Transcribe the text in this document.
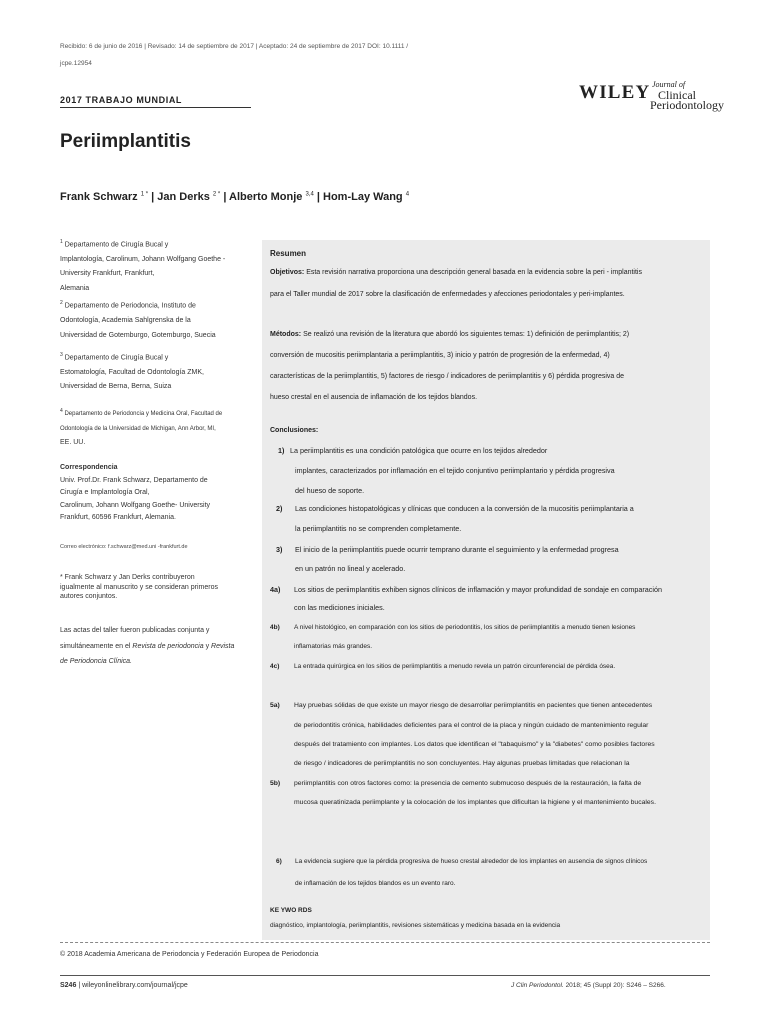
Recibido: 6 de junio de 2016 | Revisado: 14 de septiembre de 2017 | Aceptado: 24 de septiembre de 2017 DOI: 10.1111 /
jcpe.12954
2017 TRABAJO MUNDIAL	WILEY Journal of
Clinical
Periodontology
Periimplantitis
Frank Schwarz $^{1 *}$ | Jan Derks $^{2 *}$ | Alberto Monje $^{3,4}$ | Hom-Lay Wang $^4$

$^1$ Departamento de Cirugía Bucal y

Implantología, Carolinum, Johann Wolfgang Goethe -

University Frankfurt, Frankfurt,

Alemania

$^2$ Departamento de Periodoncia, Instituto de

Odontología, Academia Sahlgrenska de la

Universidad de Gotemburgo, Gotemburgo, Suecia

$^3$ Departamento de Cirugía Bucal y

Estomatología, Facultad de Odontología ZMK,

Universidad de Berna, Berna, Suiza

$^4$ Departamento de Periodoncia y Medicina Oral, Facultad de

Odontología de la Universidad de Michigan, Ann Arbor, MI,

EE. UU.

Correspondencia

Univ. Prof.Dr. Frank Schwarz, Departamento de

Cirugía e Implantología Oral,

Carolinum, Johann Wolfgang Goethe- University

Frankfurt, 60596 Frankfurt, Alemania.

Correo electrónico: f.schwarz@med.uni -frankfurt.de

* Frank Schwarz y Jan Derks contribuyeron

igualmente al manuscrito y se consideran primeros

autores conjuntos.

Las actas del taller fueron publicadas conjunta y

simultáneamente en el Revista de periodoncia y Revista

de Periodoncia Clínica.

Resumen
Objetivos: Esta revisión narrativa proporciona una descripción general basada en la evidencia sobre la peri - implantitis
para el Taller mundial de 2017 sobre la clasificación de enfermedades y afecciones periodontales y peri-implantes.
Métodos: Se realizó una revisión de la literatura que abordó los siguientes temas: 1) definición de periimplantitis; 2)
conversión de mucositis periimplantaria a periimplantitis, 3) inicio y patrón de progresión de la enfermedad, 4)
características de la periimplantitis, 5) factores de riesgo / indicadores de periimplantitis y 6) pérdida progresiva de
hueso crestal en el ausencia de inflamación de los tejidos blandos.
Conclusiones:
1) La periimplantitis es una condición patológica que ocurre en los tejidos alrededor
implantes, caracterizados por inflamación en el tejido conjuntivo periimplantario y pérdida progresiva
del hueso de soporte.
2) Las condiciones histopatológicas y clínicas que conducen a la conversión de la mucositis periimplantaria a
la periimplantitis no se comprenden completamente.
3) El inicio de la periimplantitis puede ocurrir temprano durante el seguimiento y la enfermedad progresa
en un patrón no lineal y acelerado.
4a) Los sitios de periimplantitis exhiben signos clínicos de inflamación y mayor profundidad de sondaje en comparación
con las mediciones iniciales.
4b) A nivel histológico, en comparación con los sitios de periodontitis, los sitios de periimplantitis a menudo tienen lesiones
inflamatorias más grandes.
4c) La entrada quirúrgica en los sitios de periimplantitis a menudo revela un patrón circunferencial de pérdida ósea.
5a) Hay pruebas sólidas de que existe un mayor riesgo de desarrollar periimplantitis en pacientes que tienen antecedentes
de periodontitis crónica, habilidades deficientes para el control de la placa y ningún cuidado de mantenimiento regular
después del tratamiento con implantes. Los datos que identifican el "tabaquismo" y la "diabetes" como posibles factores
de riesgo / indicadores de periimplantitis no son concluyentes. Hay algunas pruebas limitadas que relacionan la
5b) periimplantitis con otros factores como: la presencia de cemento submucoso después de la restauración, la falta de
mucosa queratinizada periimplante y la colocación de los implantes que dificultan la higiene y el mantenimiento bucales.
6) La evidencia sugiere que la pérdida progresiva de hueso crestal alrededor de los implantes en ausencia de signos clínicos
de inflamación de los tejidos blandos es un evento raro.
KE YWO RDS
diagnóstico, implantología, periimplantitis, revisiones sistemáticas y medicina basada en la evidencia
© 2018 Academia Americana de Periodoncia y Federación Europea de Periodoncia
S246 | wileyonlinelibrary.com/journal/jcpe	J Clin Periodontol. 2018; 45 (Suppl 20): S246 – S266.
